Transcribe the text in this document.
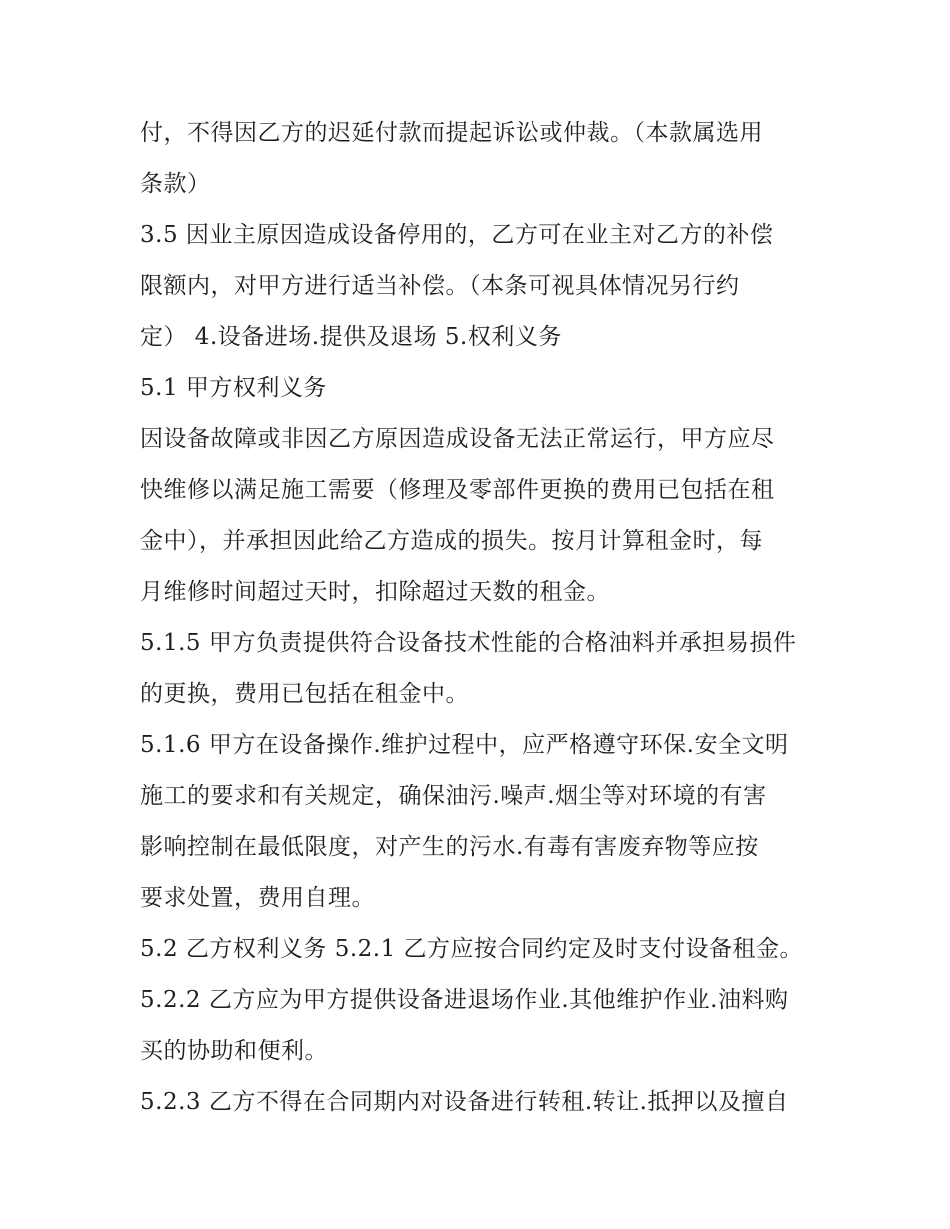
付，不得因乙方的迟延付款而提起诉讼或仲裁。（本款属选用
条款）
3.5 因业主原因造成设备停用的，乙方可在业主对乙方的补偿
限额内，对甲方进行适当补偿。（本条可视具体情况另行约
定） 4.设备进场.提供及退场 5.权利义务
5.1 甲方权利义务
因设备故障或非因乙方原因造成设备无法正常运行，甲方应尽
快维修以满足施工需要（修理及零部件更换的费用已包括在租
金中），并承担因此给乙方造成的损失。按月计算租金时，每
月维修时间超过天时，扣除超过天数的租金。
5.1.5 甲方负责提供符合设备技术性能的合格油料并承担易损件
的更换，费用已包括在租金中。
5.1.6 甲方在设备操作.维护过程中，应严格遵守环保.安全文明
施工的要求和有关规定，确保油污.噪声.烟尘等对环境的有害
影响控制在最低限度，对产生的污水.有毒有害废弃物等应按
要求处置，费用自理。
5.2 乙方权利义务 5.2.1 乙方应按合同约定及时支付设备租金。
5.2.2 乙方应为甲方提供设备进退场作业.其他维护作业.油料购
买的协助和便利。
5.2.3 乙方不得在合同期内对设备进行转租.转让.抵押以及擅自
